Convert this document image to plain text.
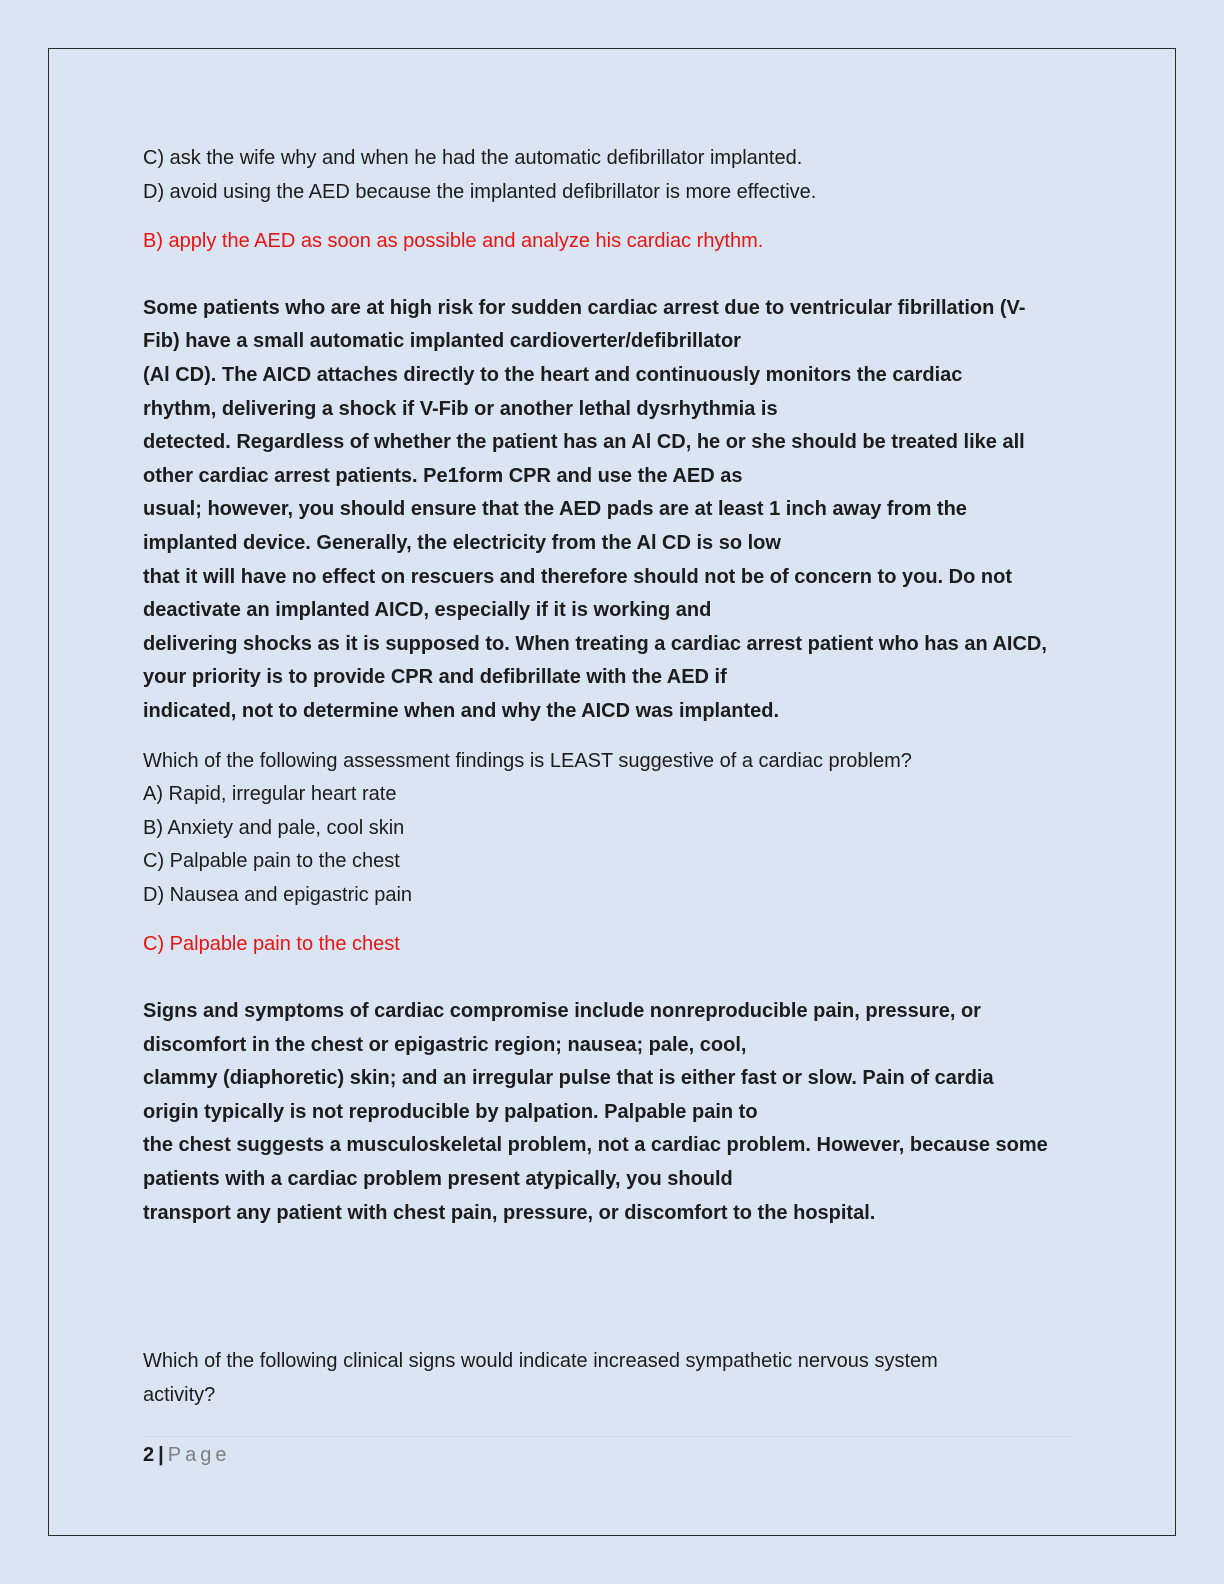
C) ask the wife why and when he had the automatic defibrillator implanted.

D) avoid using the AED because the implanted defibrillator is more effective.

B) apply the AED as soon as possible and analyze his cardiac rhythm.

Some patients who are at high risk for sudden cardiac arrest due to ventricular fibrillation (V-

Fib) have a small automatic implanted cardioverter/defibrillator

(Al CD). The AICD attaches directly to the heart and continuously monitors the cardiac

rhythm, delivering a shock if V-Fib or another lethal dysrhythmia is

detected. Regardless of whether the patient has an Al CD, he or she should be treated like all

other cardiac arrest patients. Pe1form CPR and use the AED as

usual; however, you should ensure that the AED pads are at least 1 inch away from the

implanted device. Generally, the electricity from the Al CD is so low

that it will have no effect on rescuers and therefore should not be of concern to you. Do not

deactivate an implanted AICD, especially if it is working and

delivering shocks as it is supposed to. When treating a cardiac arrest patient who has an AICD,

your priority is to provide CPR and defibrillate with the AED if

indicated, not to determine when and why the AICD was implanted.

Which of the following assessment findings is LEAST suggestive of a cardiac problem?

A) Rapid, irregular heart rate

B) Anxiety and pale, cool skin

C) Palpable pain to the chest

D) Nausea and epigastric pain

C) Palpable pain to the chest

Signs and symptoms of cardiac compromise include nonreproducible pain, pressure, or

discomfort in the chest or epigastric region; nausea; pale, cool,

clammy (diaphoretic) skin; and an irregular pulse that is either fast or slow. Pain of cardia

origin typically is not reproducible by palpation. Palpable pain to

the chest suggests a musculoskeletal problem, not a cardiac problem. However, because some

patients with a cardiac problem present atypically, you should

transport any patient with chest pain, pressure, or discomfort to the hospital.

Which of the following clinical signs would indicate increased sympathetic nervous system

activity?

2 | Page
